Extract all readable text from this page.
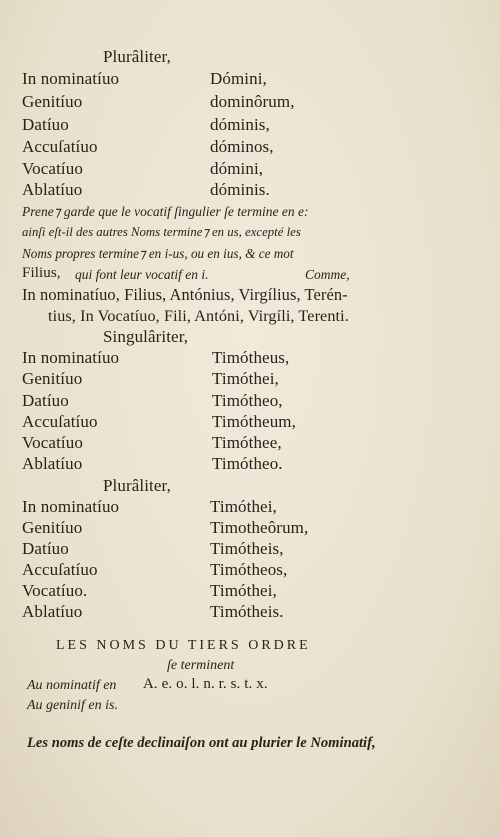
Plurâliter,
In nominatíuo	Dómini,
Genitíuo	dominôrum,
Datíuo	dóminis,
Accuſatíuo	dóminos,
Vocatíuo	dómini,
Ablatíuo	dóminis.
Prene⁊ garde que le vocatif ſingulier ſe termine en e:
ainſi eſt-il des autres Noms termine⁊ en us, excepté les
Noms propres termine⁊ en i-us, ou en ius, & ce mot
Filius, qui font leur vocatif en i.	Comme,
In nominatíuo, Filius, Antónius, Virgílius, Terén-
tius, In Vocatíuo, Fili, Antóni, Virgíli, Terenti.
Singulâriter,
In nominatíuo	Timótheus,
Genitíuo	Timóthei,
Datíuo	Timótheo,
Accuſatíuo	Timótheum,
Vocatíuo	Timóthee,
Ablatíuo	Timótheo.
Plurâliter,
In nominatíuo	Timóthei,
Genitíuo	Timotheôrum,
Datíuo	Timótheis,
Accuſatíuo	Timótheos,
Vocatíuo.	Timóthei,
Ablatíuo	Timótheis.
LES NOMS DU TIERS ORDRE
ſe terminent
Au nominatif en A. e. o. l. n. r. s. t. x.
Au geninif en is.
Les noms de ceſte declinaiſon ont au plurier le Nominatif,
